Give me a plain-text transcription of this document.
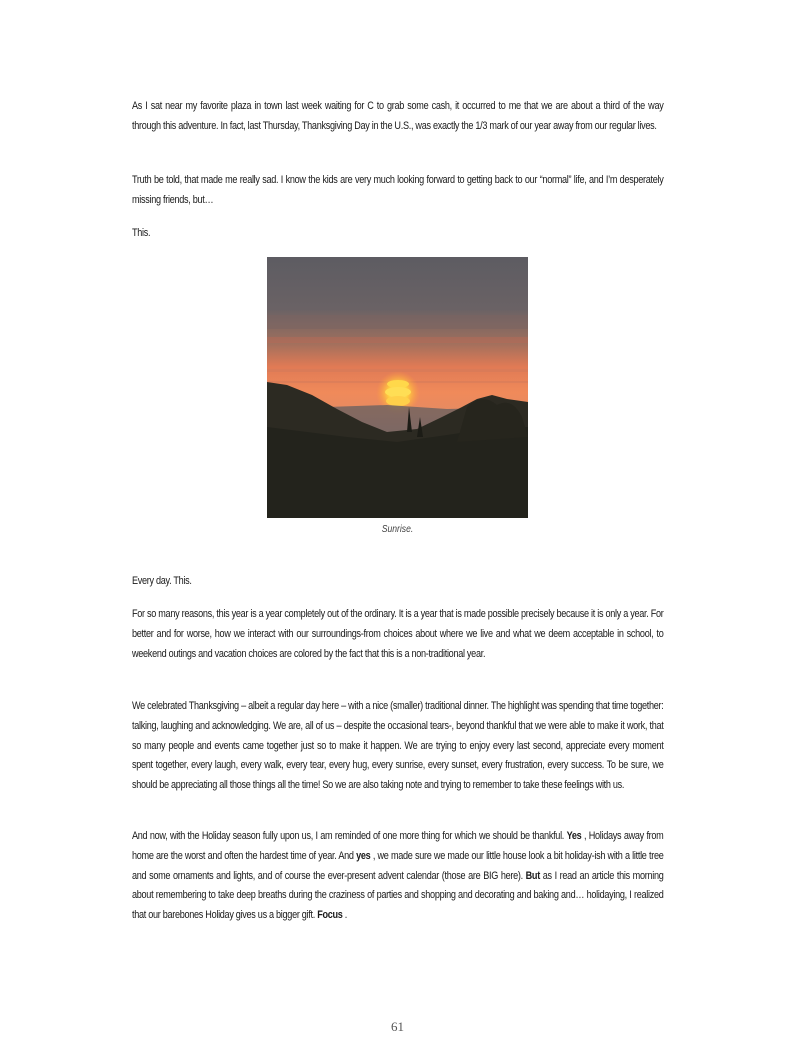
As I sat near my favorite plaza in town last week waiting for C to grab some cash, it occurred to me that we are about a third of the way through this adventure. In fact, last Thursday, Thanksgiving Day in the U.S., was exactly the 1/3 mark of our year away from our regular lives.

Truth be told, that made me really sad. I know the kids are very much looking forward to getting back to our “normal” life, and I’m desperately missing friends, but…

This.

Sunrise.

Every day. This.

For so many reasons, this year is a year completely out of the ordinary. It is a year that is made possible precisely because it is only a year. For better and for worse, how we interact with our surroundings-from choices about where we live and what we deem acceptable in school, to weekend outings and vacation choices are colored by the fact that this is a non-traditional year.

We celebrated Thanksgiving – albeit a regular day here – with a nice (smaller) traditional dinner. The highlight was spending that time together: talking, laughing and acknowledging. We are, all of us – despite the occasional tears-, beyond thankful that we were able to make it work, that so many people and events came together just so to make it happen. We are trying to enjoy every last second, appreciate every moment spent together, every laugh, every walk, every tear, every hug, every sunrise, every sunset, every frustration, every success. To be sure, we should be appreciating all those things all the time! So we are also taking note and trying to remember to take these feelings with us.

And now, with the Holiday season fully upon us, I am reminded of one more thing for which we should be thankful. Yes , Holidays away from home are the worst and often the hardest time of year. And yes , we made sure we made our little house look a bit holiday-ish with a little tree and some ornaments and lights, and of course the ever-present advent calendar (those are BIG here). But as I read an article this morning about remembering to take deep breaths during the craziness of parties and shopping and decorating and baking and… holidaying, I realized that our barebones Holiday gives us a bigger gift. Focus .

61
